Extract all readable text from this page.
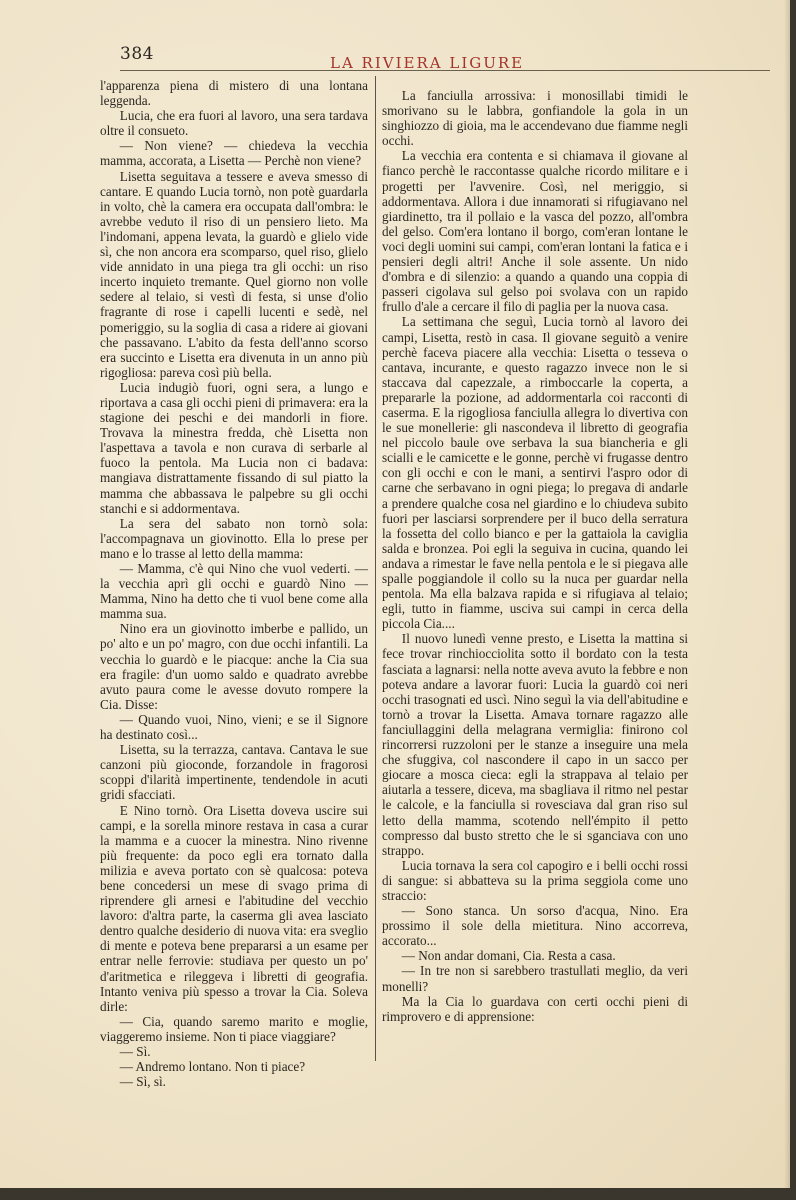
384	LA RIVIERA LIGURE

l'apparenza piena di mistero di una lontana leggenda.

Lucia, che era fuori al lavoro, una sera tardava oltre il consueto.

— Non viene? — chiedeva la vecchia mamma, accorata, a Lisetta — Perchè non viene?

Lisetta seguitava a tessere e aveva smesso di cantare. E quando Lucia tornò, non potè guardarla in volto, chè la camera era occupata dall'ombra: le avrebbe veduto il riso di un pensiero lieto. Ma l'indomani, appena levata, la guardò e glielo vide sì, che non ancora era scomparso, quel riso, glielo vide annidato in una piega tra gli occhi: un riso incerto inquieto tremante. Quel giorno non volle sedere al telaio, si vestì di festa, si unse d'olio fragrante di rose i capelli lucenti e sedè, nel pomeriggio, su la soglia di casa a ridere ai giovani che passavano. L'abito da festa dell'anno scorso era succinto e Lisetta era divenuta in un anno più rigogliosa: pareva così più bella.

Lucia indugiò fuori, ogni sera, a lungo e riportava a casa gli occhi pieni di primavera: era la stagione dei peschi e dei mandorli in fiore. Trovava la minestra fredda, chè Lisetta non l'aspettava a tavola e non curava di serbarle al fuoco la pentola. Ma Lucia non ci badava: mangiava distrattamente fissando di sul piatto la mamma che abbassava le palpebre su gli occhi stanchi e si addormentava.

La sera del sabato non tornò sola: l'accompagnava un giovinotto. Ella lo prese per mano e lo trasse al letto della mamma:

— Mamma, c'è qui Nino che vuol vederti. — la vecchia aprì gli occhi e guardò Nino — Mamma, Nino ha detto che ti vuol bene come alla mamma sua.

Nino era un giovinotto imberbe e pallido, un po' alto e un po' magro, con due occhi infantili. La vecchia lo guardò e le piacque: anche la Cia sua era fragile: d'un uomo saldo e quadrato avrebbe avuto paura come le avesse dovuto rompere la Cia. Disse:

— Quando vuoi, Nino, vieni; e se il Signore ha destinato così...

Lisetta, su la terrazza, cantava. Cantava le sue canzoni più gioconde, forzandole in fragorosi scoppi d'ilarità impertinente, tendendole in acuti gridi sfacciati.

E Nino tornò. Ora Lisetta doveva uscire sui campi, e la sorella minore restava in casa a curar la mamma e a cuocer la minestra. Nino rivenne più frequente: da poco egli era tornato dalla milizia e aveva portato con sè qualcosa: poteva bene concedersi un mese di svago prima di riprendere gli arnesi e l'abitudine del vecchio lavoro: d'altra parte, la caserma gli avea lasciato dentro qualche desiderio di nuova vita: era sveglio di mente e poteva bene prepararsi a un esame per entrar nelle ferrovie: studiava per questo un po' d'aritmetica e rileggeva i libretti di geografia. Intanto veniva più spesso a trovar la Cia. Soleva dirle:

— Cia, quando saremo marito e moglie, viaggeremo insieme. Non ti piace viaggiare?

— Sì.

— Andremo lontano. Non ti piace?

— Sì, sì.

La fanciulla arrossiva: i monosillabi timidi le smorivano su le labbra, gonfiandole la gola in un singhiozzo di gioia, ma le accendevano due fiamme negli occhi.

La vecchia era contenta e si chiamava il giovane al fianco perchè le raccontasse qualche ricordo militare e i progetti per l'avvenire. Così, nel meriggio, si addormentava. Allora i due innamorati si rifugiavano nel giardinetto, tra il pollaio e la vasca del pozzo, all'ombra del gelso. Com'era lontano il borgo, com'eran lontane le voci degli uomini sui campi, com'eran lontani la fatica e i pensieri degli altri! Anche il sole assente. Un nido d'ombra e di silenzio: a quando a quando una coppia di passeri cigolava sul gelso poi svolava con un rapido frullo d'ale a cercare il filo di paglia per la nuova casa.

La settimana che seguì, Lucia tornò al lavoro dei campi, Lisetta, restò in casa. Il giovane seguitò a venire perchè faceva piacere alla vecchia: Lisetta o tesseva o cantava, incurante, e questo ragazzo invece non le si staccava dal capezzale, a rimboccarle la coperta, a prepararle la pozione, ad addormentarla coi racconti di caserma. E la rigogliosa fanciulla allegra lo divertiva con le sue monellerie: gli nascondeva il libretto di geografia nel piccolo baule ove serbava la sua biancheria e gli scialli e le camicette e le gonne, perchè vi frugasse dentro con gli occhi e con le mani, a sentirvi l'aspro odor di carne che serbavano in ogni piega; lo pregava di andarle a prendere qualche cosa nel giardino e lo chiudeva subito fuori per lasciarsi sorprendere per il buco della serratura la fossetta del collo bianco e per la gattaiola la caviglia salda e bronzea. Poi egli la seguiva in cucina, quando lei andava a rimestar le fave nella pentola e le si piegava alle spalle poggiandole il collo su la nuca per guardar nella pentola. Ma ella balzava rapida e si rifugiava al telaio; egli, tutto in fiamme, usciva sui campi in cerca della piccola Cia....

Il nuovo lunedì venne presto, e Lisetta la mattina si fece trovar rinchiocciolita sotto il bordato con la testa fasciata a lagnarsi: nella notte aveva avuto la febbre e non poteva andare a lavorar fuori: Lucia la guardò coi neri occhi trasognati ed uscì. Nino seguì la via dell'abitudine e tornò a trovar la Lisetta. Amava tornare ragazzo alle fanciullaggini della melagrana vermiglia: finirono col rincorrersi ruzzoloni per le stanze a inseguire una mela che sfuggiva, col nascondere il capo in un sacco per giocare a mosca cieca: egli la strappava al telaio per aiutarla a tessere, diceva, ma sbagliava il ritmo nel pestar le calcole, e la fanciulla si rovesciava dal gran riso sul letto della mamma, scotendo nell'émpito il petto compresso dal busto stretto che le si sganciava con uno strappo.

Lucia tornava la sera col capogiro e i belli occhi rossi di sangue: si abbatteva su la prima seggiola come uno straccio:

— Sono stanca. Un sorso d'acqua, Nino. Era prossimo il sole della mietitura. Nino accorreva, accorato...

— Non andar domani, Cia. Resta a casa.

— In tre non si sarebbero trastullati meglio, da veri monelli?

Ma la Cia lo guardava con certi occhi pieni di rimprovero e di apprensione:
